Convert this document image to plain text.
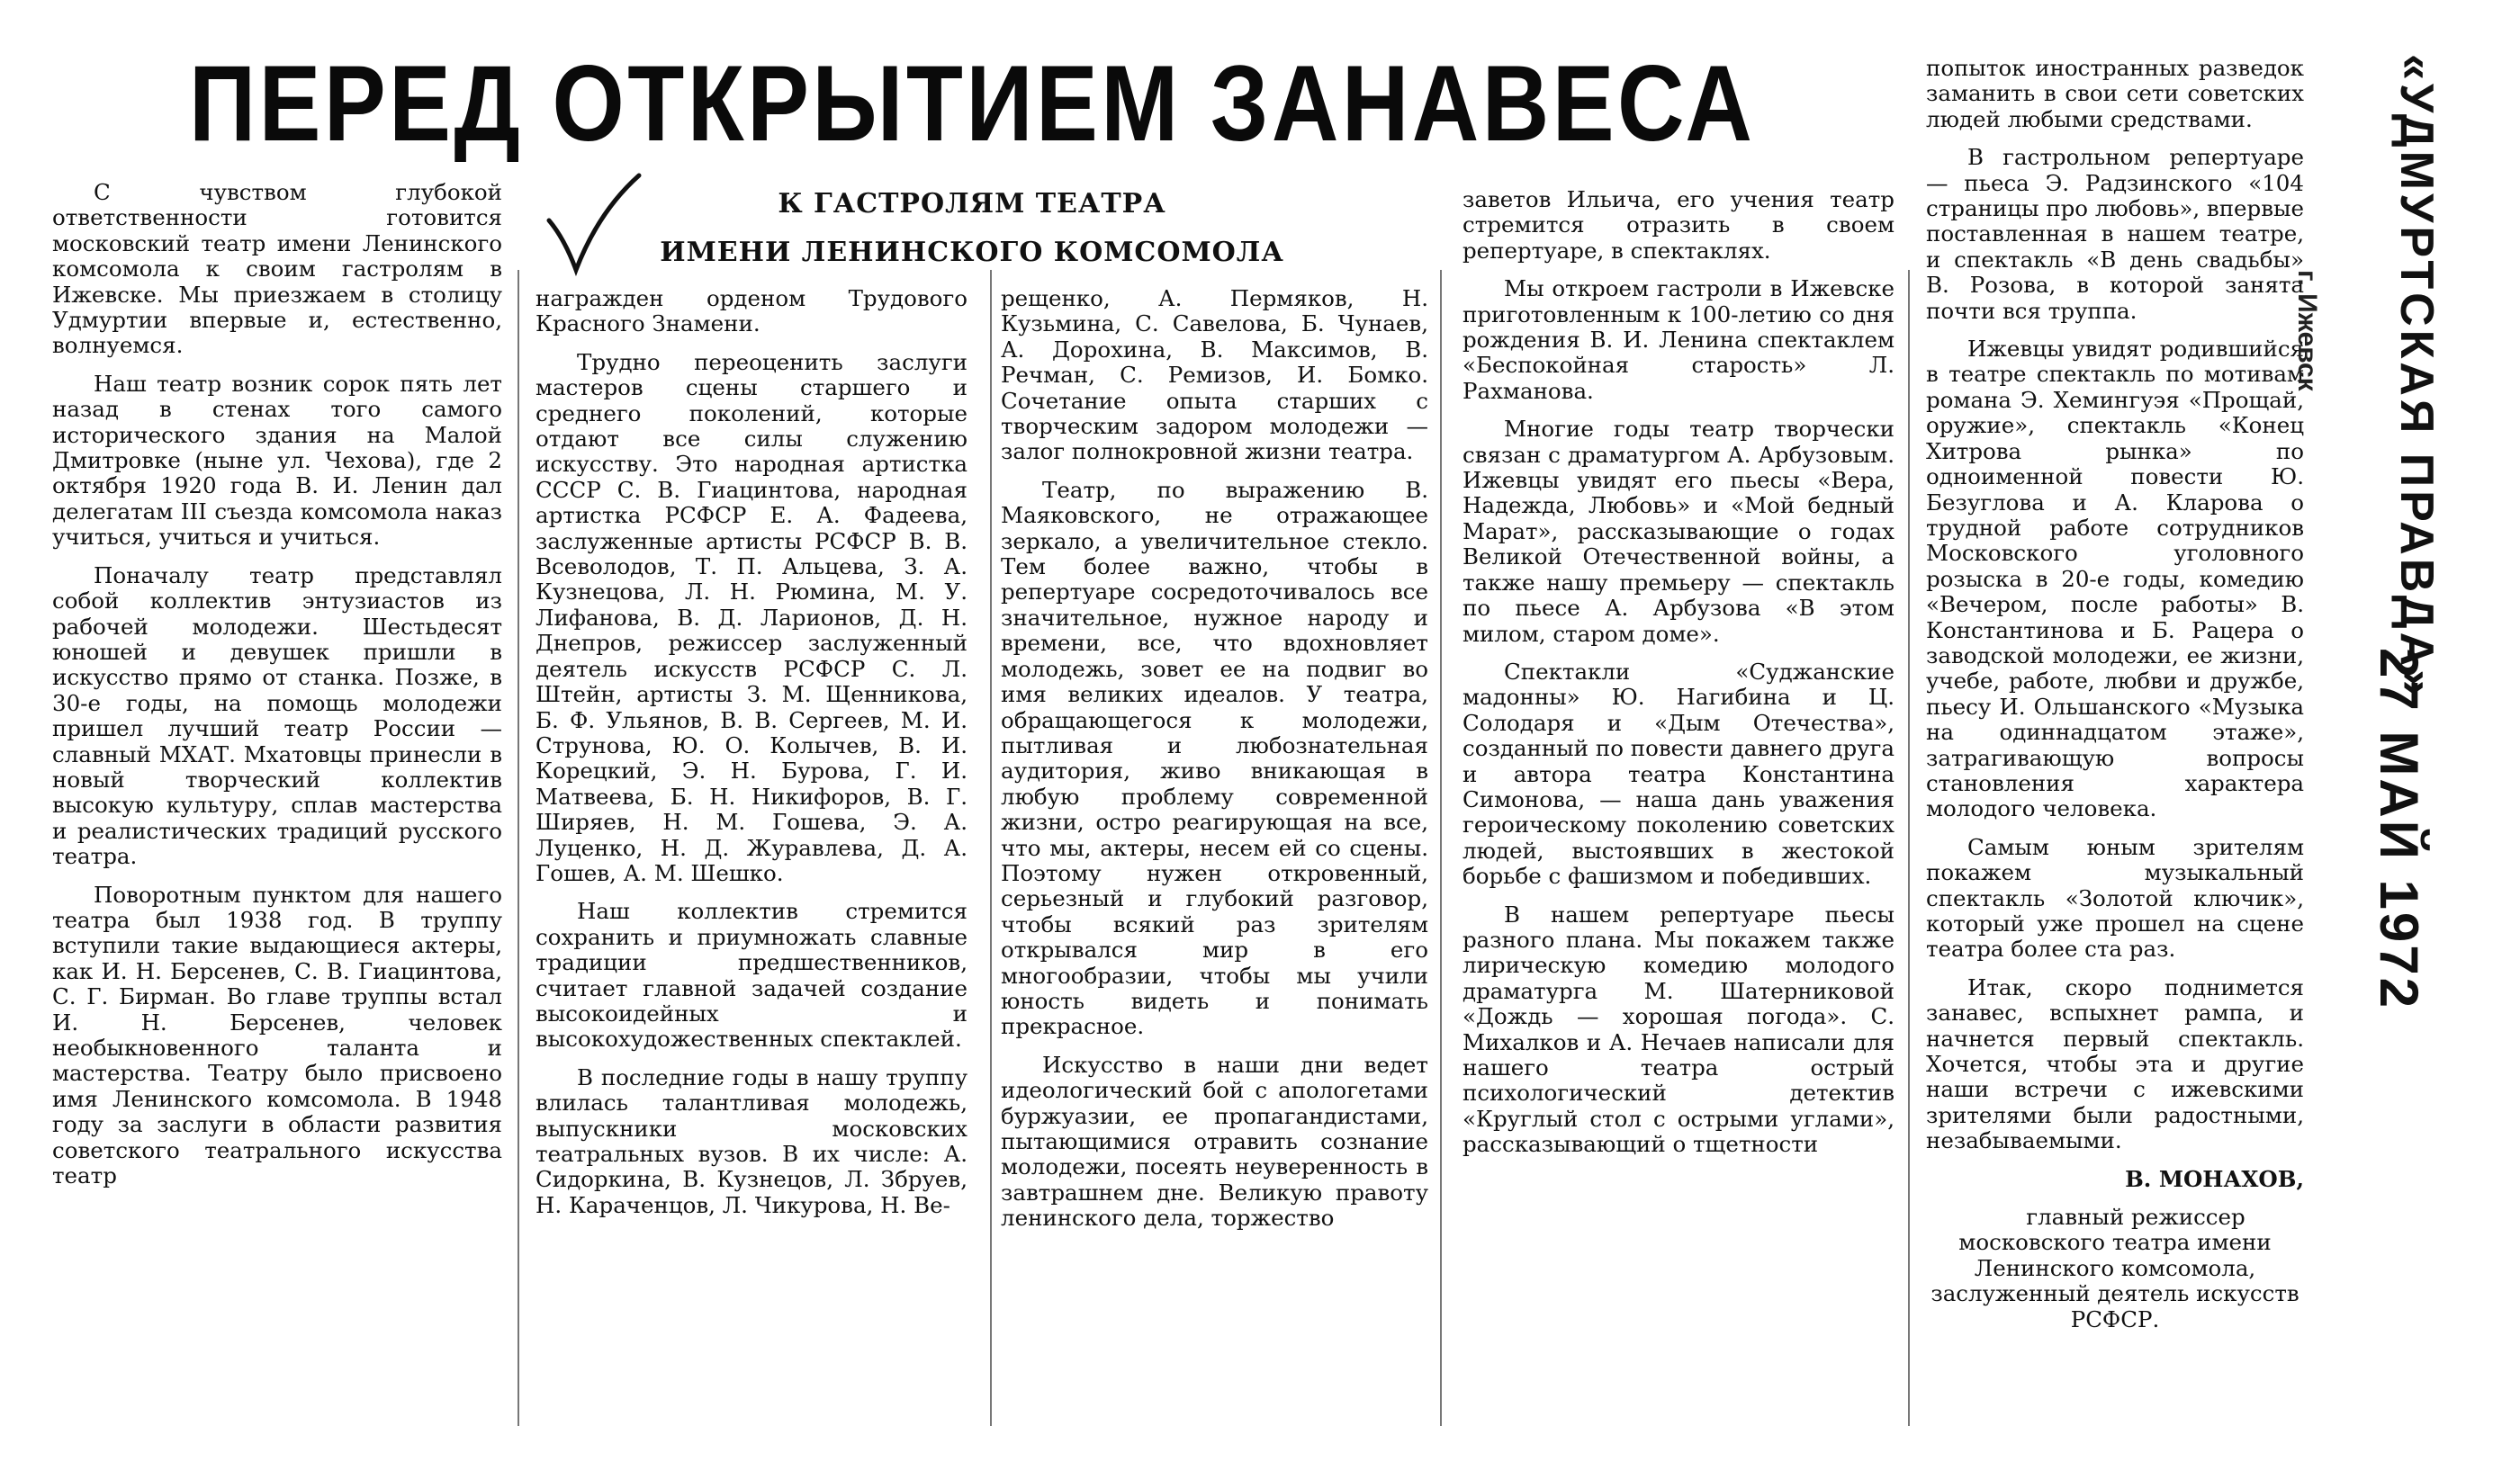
ПЕРЕД ОТКРЫТИЕМ ЗАНАВЕСА
К ГАСТРОЛЯМ ТЕАТРА
ИМЕНИ ЛЕНИНСКОГО КОМСОМОЛА

С чувством глубокой ответственности готовится московский театр имени Ленинского комсомола к своим гастролям в Ижевске. Мы приезжаем в столицу Удмуртии впервые и, естественно, волнуемся.

Наш театр возник сорок пять лет назад в стенах того самого исторического здания на Малой Дмитровке (ныне ул. Чехова), где 2 октября 1920 года В. И. Ленин дал делегатам III съезда комсомола наказ учиться, учиться и учиться.

Поначалу театр представлял собой коллектив энтузиастов из рабочей молодежи. Шестьдесят юношей и девушек пришли в искусство прямо от станка. Позже, в 30-е годы, на помощь молодежи пришел лучший театр России — славный МХАТ. Мхатовцы принесли в новый творческий коллектив высокую культуру, сплав мастерства и реалистических традиций русского театра.

Поворотным пунктом для нашего театра был 1938 год. В труппу вступили такие выдающиеся актеры, как И. Н. Берсенев, С. В. Гиацинтова, С. Г. Бирман. Во главе труппы встал И. Н. Берсенев, человек необыкновенного таланта и мастерства. Театру было присвоено имя Ленинского комсомола. В 1948 году за заслуги в области развития советского театрального искусства театр

награжден орденом Трудового Красного Знамени.

Трудно переоценить заслуги мастеров сцены старшего и среднего поколений, которые отдают все силы служению искусству. Это народная артистка СССР С. В. Гиацинтова, народная артистка РСФСР Е. А. Фадеева, заслуженные артисты РСФСР В. В. Всеволодов, Т. П. Альцева, З. А. Кузнецова, Л. Н. Рюмина, М. У. Лифанова, В. Д. Ларионов, Д. Н. Днепров, режиссер заслуженный деятель искусств РСФСР С. Л. Штейн, артисты З. М. Щенникова, Б. Ф. Ульянов, В. В. Сергеев, М. И. Струнова, Ю. О. Колычев, В. И. Корецкий, Э. Н. Бурова, Г. И. Матвеева, Б. Н. Никифоров, В. Г. Ширяев, Н. М. Гошева, Э. А. Луценко, Н. Д. Журавлева, Д. А. Гошев, А. М. Шешко.

Наш коллектив стремится сохранить и приумножать славные традиции предшественников, считает главной задачей создание высокоидейных и высокохудожественных спектаклей.

В последние годы в нашу труппу влилась талантливая молодежь, выпускники московских театральных вузов. В их числе: А. Сидоркина, В. Кузнецов, Л. Збруев, Н. Караченцов, Л. Чикурова, Н. Ве-

рещенко, А. Пермяков, Н. Кузьмина, С. Савелова, Б. Чунаев, А. Дорохина, В. Максимов, В. Речман, С. Ремизов, И. Бомко. Сочетание опыта старших с творческим задором молодежи — залог полнокровной жизни театра.

Театр, по выражению В. Маяковского, не отражающее зеркало, а увеличительное стекло. Тем более важно, чтобы в репертуаре сосредоточивалось все значительное, нужное народу и времени, все, что вдохновляет молодежь, зовет ее на подвиг во имя великих идеалов. У театра, обращающегося к молодежи, пытливая и любознательная аудитория, живо вникающая в любую проблему современной жизни, остро реагирующая на все, что мы, актеры, несем ей со сцены. Поэтому нужен откровенный, серьезный и глубокий разговор, чтобы всякий раз зрителям открывался мир в его многообразии, чтобы мы учили юность видеть и понимать прекрасное.

Искусство в наши дни ведет идеологический бой с апологетами буржуазии, ее пропагандистами, пытающимися отравить сознание молодежи, посеять неуверенность в завтрашнем дне. Великую правоту ленинского дела, торжество

заветов Ильича, его учения театр стремится отразить в своем репертуаре, в спектаклях.

Мы откроем гастроли в Ижевске приготовленным к 100-летию со дня рождения В. И. Ленина спектаклем «Беспокойная старость» Л. Рахманова.

Многие годы театр творчески связан с драматургом А. Арбузовым. Ижевцы увидят его пьесы «Вера, Надежда, Любовь» и «Мой бедный Марат», рассказывающие о годах Великой Отечественной войны, а также нашу премьеру — спектакль по пьесе А. Арбузова «В этом милом, старом доме».

Спектакли «Суджанские мадонны» Ю. Нагибина и Ц. Солодаря и «Дым Отечества», созданный по повести давнего друга и автора театра Константина Симонова, — наша дань уважения героическому поколению советских людей, выстоявших в жестокой борьбе с фашизмом и победивших.

В нашем репертуаре пьесы разного плана. Мы покажем также лирическую комедию молодого драматурга М. Шатерниковой «Дождь — хорошая погода». С. Михалков и А. Нечаев написали для нашего театра острый психологический детектив «Круглый стол с острыми углами», рассказывающий о тщетности

попыток иностранных разведок заманить в свои сети советских людей любыми средствами.

В гастрольном репертуаре — пьеса Э. Радзинского «104 страницы про любовь», впервые поставленная в нашем театре, и спектакль «В день свадьбы» В. Розова, в которой занята почти вся труппа.

Ижевцы увидят родившийся в театре спектакль по мотивам романа Э. Хемингуэя «Прощай, оружие», спектакль «Конец Хитрова рынка» по одноименной повести Ю. Безуглова и А. Кларова о трудной работе сотрудников Московского уголовного розыска в 20-е годы, комедию «Вечером, после работы» В. Константинова и Б. Рацера о заводской молодежи, ее жизни, учебе, работе, любви и дружбе, пьесу И. Ольшанского «Музыка на одиннадцатом этаже», затрагивающую вопросы становления характера молодого человека.

Самым юным зрителям покажем музыкальный спектакль «Золотой ключик», который уже прошел на сцене театра более ста раз.

Итак, скоро поднимется занавес, вспыхнет рампа, и начнется первый спектакль. Хочется, чтобы эта и другие наши встречи с ижевскими зрителями были радостными, незабываемыми.

В. МОНАХОВ,

главный режиссер московского театра имени Ленинского комсомола, заслуженный деятель искусств РСФСР.

«УДМУРТСКАЯ ПРАВДА»
г. Ижевск
27 МАЙ 1972
